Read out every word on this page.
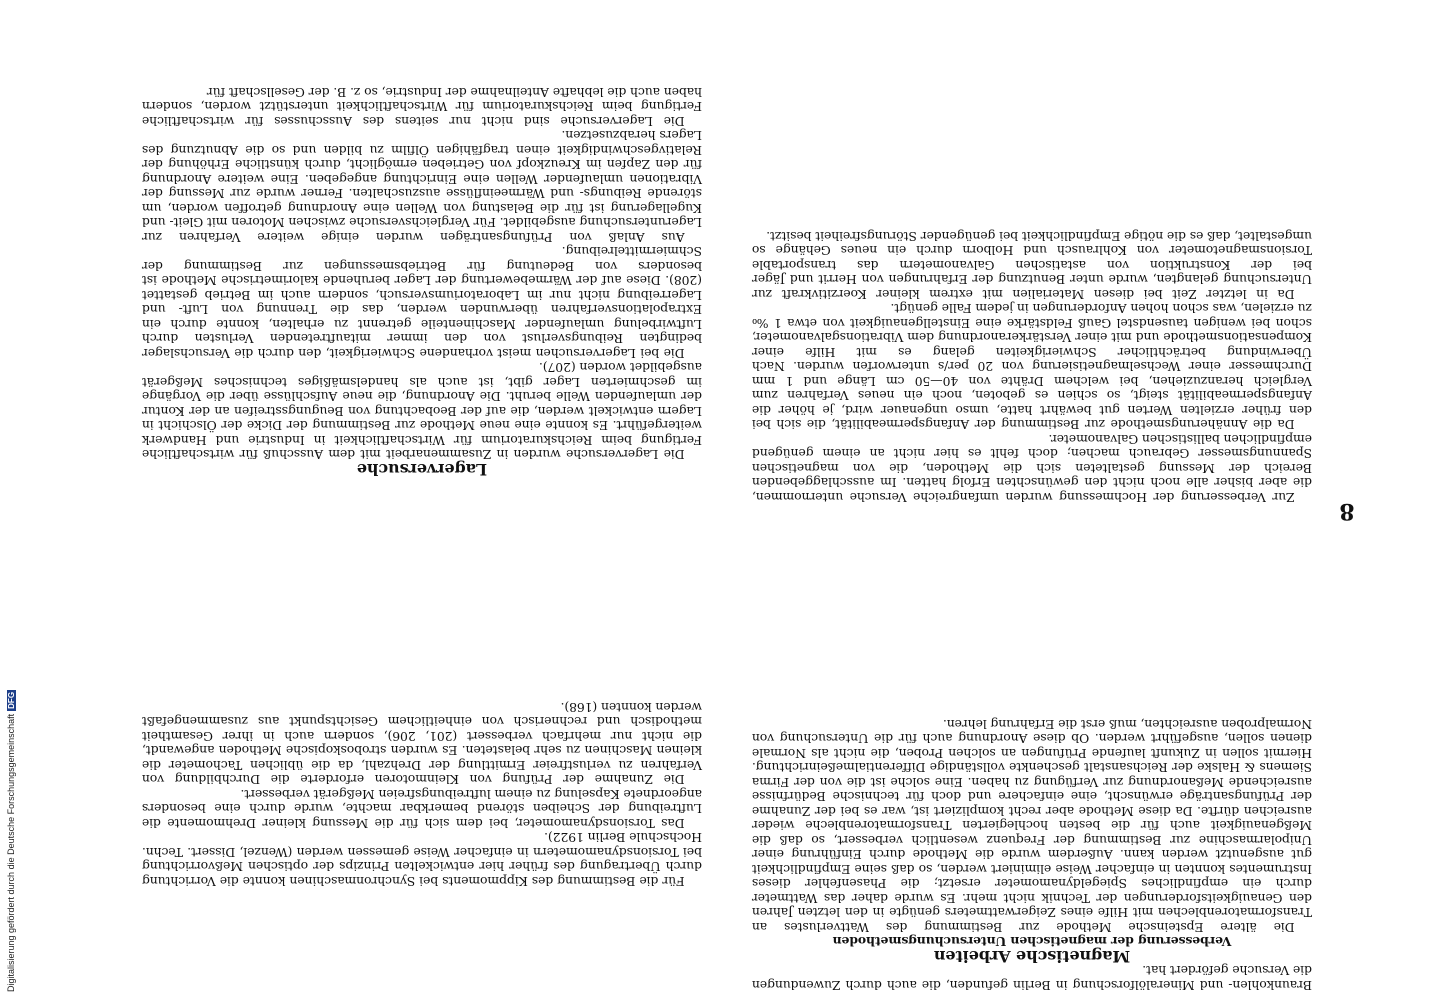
8

Für die Bestimmung des Kippmoments bei Synchronmaschinen konnte die Vorrichtung durch Übertragung des früher hier entwickelten Prinzips der optischen Meßvorrichtung bei Torsionsdynamometern in einfacher Weise gemessen werden (Wenzel, Dissert. Techn. Hochschule Berlin 1922).

Das Torsionsdynamometer, bei dem sich für die Messung kleiner Drehmomente die Luftreibung der Scheiben störend bemerkbar machte, wurde durch eine besonders angeordnete Kapselung zu einem luftreibungsfreien Meßgerät verbessert.

Die Zunahme der Prüfung von Kleinmotoren erforderte die Durchbildung von Verfahren zu verlustfreier Ermittlung der Drehzahl, da die üblichen Tachometer die kleinen Maschinen zu sehr belasteten. Es wurden stroboskopische Methoden angewandt, die nicht nur mehrfach verbessert (201, 206), sondern auch in ihrer Gesamtheit methodisch und rechnerisch von einheitlichem Gesichtspunkt aus zusammengefaßt werden konnten (168).

Lagerversuche

Die Lagerversuche wurden in Zusammenarbeit mit dem Ausschuß für wirtschaftliche Fertigung beim Reichskuratorium für Wirtschaftlichkeit in Industrie und Handwerk weitergeführt. Es konnte eine neue Methode zur Bestimmung der Dicke der Ölschicht in Lagern entwickelt werden, die auf der Beobachtung von Beugungsstreifen an der Kontur der umlaufenden Welle beruht. Die Anordnung, die neue Aufschlüsse über die Vorgänge im geschmierten Lager gibt, ist auch als handelsmäßiges technisches Meßgerät ausgebildet worden (207).

Die bei Lagerversuchen meist vorhandene Schwierigkeit, den durch die Versuchslager bedingten Reibungsverlust von den immer mitauftretenden Verlusten durch Luftwirbelung umlaufender Maschinenteile getrennt zu erhalten, konnte durch ein Extrapolationsverfahren überwunden werden, das die Trennung von Luft- und Lagerreibung nicht nur im Laboratoriumsversuch, sondern auch im Betrieb gestattet (208). Diese auf der Wärmebewertung der Lager beruhende kalorimetrische Methode ist besonders von Bedeutung für Betriebsmessungen zur Bestimmung der Schmiermittelreibung.

Aus Anlaß von Prüfungsanträgen wurden einige weitere Verfahren zur Lageruntersuchung ausgebildet. Für Vergleichsversuche zwischen Motoren mit Gleit- und Kugellagerung ist für die Belastung von Wellen eine Anordnung getroffen worden, um störende Reibungs- und Wärmeeinflüsse auszuschalten. Ferner wurde zur Messung der Vibrationen umlaufender Wellen eine Einrichtung angegeben. Eine weitere Anordnung für den Zapfen im Kreuzkopf von Getrieben ermöglicht, durch künstliche Erhöhung der Relativgeschwindigkeit einen tragfähigen Ölfilm zu bilden und so die Abnutzung des Lagers herabzusetzen.

Die Lagerversuche sind nicht nur seitens des Ausschusses für wirtschaftliche Fertigung beim Reichskuratorium für Wirtschaftlichkeit unterstützt worden, sondern haben auch die lebhafte Anteilnahme der Industrie, so z. B. der Gesellschaft für

Braunkohlen- und Mineralölforschung in Berlin gefunden, die auch durch Zuwendungen die Versuche gefördert hat.

Magnetische Arbeiten

Verbesserung der magnetischen Untersuchungsmethoden

Die ältere Epsteinsche Methode zur Bestimmung des Wattverlustes an Transformatorenblechen mit Hilfe eines Zeigerwattmeters genügte in den letzten Jahren den Genauigkeitsforderungen der Technik nicht mehr. Es wurde daher das Wattmeter durch ein empfindliches Spiegeldynamometer ersetzt; die Phasenfehler dieses Instrumentes konnten in einfacher Weise eliminiert werden, so daß seine Empfindlichkeit gut ausgenutzt werden kann. Außerdem wurde die Methode durch Einführung einer Unipolarmaschine zur Bestimmung der Frequenz wesentlich verbessert, so daß die Meßgenauigkeit auch für die besten hochlegierten Transformatorenbleche wieder ausreichen dürfte. Da diese Methode aber recht kompliziert ist, war es bei der Zunahme der Prüfungsanträge erwünscht, eine einfachere und doch für technische Bedürfnisse ausreichende Meßanordnung zur Verfügung zu haben. Eine solche ist die von der Firma Siemens & Halske der Reichsanstalt geschenkte vollständige Differentialmeßeinrichtung. Hiermit sollen in Zukunft laufende Prüfungen an solchen Proben, die nicht als Normale dienen sollen, ausgeführt werden. Ob diese Anordnung auch für die Untersuchung von Normalproben ausreichten, muß erst die Erfahrung lehren.

Zur Verbesserung der Hochmessung wurden umfangreiche Versuche unternommen, die aber bisher alle noch nicht den gewünschten Erfolg hatten. Im ausschlaggebenden Bereich der Messung gestalteten sich die Methoden, die von magnetischen Spannungsmesser Gebrauch machen; doch fehlt es hier nicht an einem genügend empfindlichen ballistischen Galvanometer.

Da die Annäherungsmethode zur Bestimmung der Anfangspermeabilität, die sich bei den früher erzielten Werten gut bewährt hatte, umso ungenauer wird, je höher die Anfangspermeabilität steigt, so schien es geboten, noch ein neues Verfahren zum Vergleich heranzuziehen, bei welchem Drähte von 40—50 cm Länge und 1 mm Durchmesser einer Wechselmagnetisierung von 20 per/s unterworfen wurden. Nach Überwindung beträchtlicher Schwierigkeiten gelang es mit Hilfe einer Kompensationsmethode und mit einer Verstärkeranordnung dem Vibrationsgalvanometer, schon bei wenigen tausendstel Gauß Feldstärke eine Einstellgenauigkeit von etwa 1 ‰ zu erzielen, was schon hohen Anforderungen in jedem Falle genügt.

Da in letzter Zeit bei diesen Materialien mit extrem kleiner Koerzitivkraft zur Untersuchung gelangten, wurde unter Benutzung der Erfahrungen von Herrit und Jäger bei der Konstruktion von astatischen Galvanometern das transportable Torsionsmagnetometer von Kohlrausch und Holborn durch ein neues Gehänge so umgestaltet, daß es die nötige Empfindlichkeit bei genügender Störungsfreiheit besitzt.

Digitalisierung gefördert durch die Deutsche ForschungsgemeinschaftDFG
